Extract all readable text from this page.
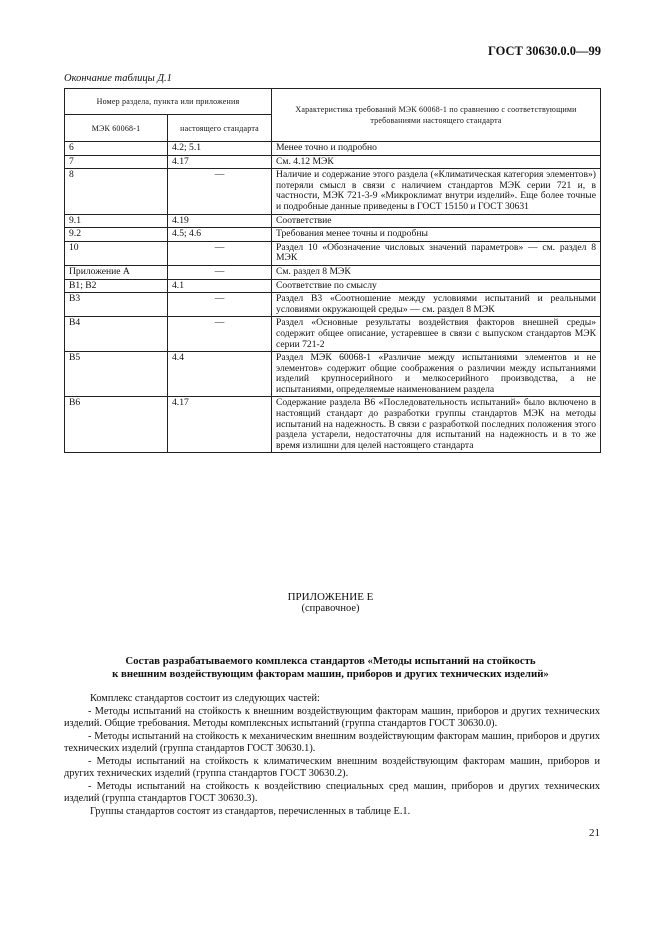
ГОСТ 30630.0.0—99
Окончание таблицы Д.1
Номер раздела, пункта или приложения		Характеристика требований МЭК 60068-1 по сравнению с соответствующими требованиями настоящего стандарта
МЭК 60068-1	настоящего стандарта	
6	4.2; 5.1	Менее точно и подробно
7	4.17	См. 4.12 МЭК
8	—	Наличие и содержание этого раздела («Климатическая категория элементов») потеряли смысл в связи с наличием стандартов МЭК серии 721 и, в частности, МЭК 721-3-9 «Микроклимат внутри изделий». Еще более точные и подробные данные приведены в ГОСТ 15150 и ГОСТ 30631
9.1	4.19	Соответствие
9.2	4.5; 4.6	Требования менее точны и подробны
10	—	Раздел 10 «Обозначение числовых значений параметров» — см. раздел 8 МЭК
Приложение А	—	См. раздел 8 МЭК
В1; В2	4.1	Соответствие по смыслу
В3	—	Раздел В3 «Соотношение между условиями испытаний и реальными условиями окружающей среды» — см. раздел 8 МЭК
В4	—	Раздел «Основные результаты воздействия факторов внешней среды» содержит общее описание, устаревшее в связи с выпуском стандартов МЭК серии 721-2
В5	4.4	Раздел МЭК 60068-1 «Различие между испытаниями элементов и не элементов» содержит общие соображения о различии между испытаниями изделий крупносерийного и мелкосерийного производства, а не испытаниями, определяемые наименованием раздела
В6	4.17	Содержание раздела В6 «Последовательность испытаний» было включено в настоящий стандарт до разработки группы стандартов МЭК на методы испытаний на надежность. В связи с разработкой последних положения этого раздела устарели, недостаточны для испытаний на надежность и в то же время излишни для целей настоящего стандарта
ПРИЛОЖЕНИЕ Е
(справочное)
Состав разрабатываемого комплекса стандартов «Методы испытаний на стойкость
к внешним воздействующим факторам машин, приборов и других технических изделий»

Комплекс стандартов состоит из следующих частей:

- Методы испытаний на стойкость к внешним воздействующим факторам машин, приборов и других технических изделий. Общие требования. Методы комплексных испытаний (группа стандартов ГОСТ 30630.0).

- Методы испытаний на стойкость к механическим внешним воздействующим факторам машин, приборов и других технических изделий (группа стандартов ГОСТ 30630.1).

- Методы испытаний на стойкость к климатическим внешним воздействующим факторам машин, приборов и других технических изделий (группа стандартов ГОСТ 30630.2).

- Методы испытаний на стойкость к воздействию специальных сред машин, приборов и других технических изделий (группа стандартов ГОСТ 30630.3).

Группы стандартов состоят из стандартов, перечисленных в таблице Е.1.

21
